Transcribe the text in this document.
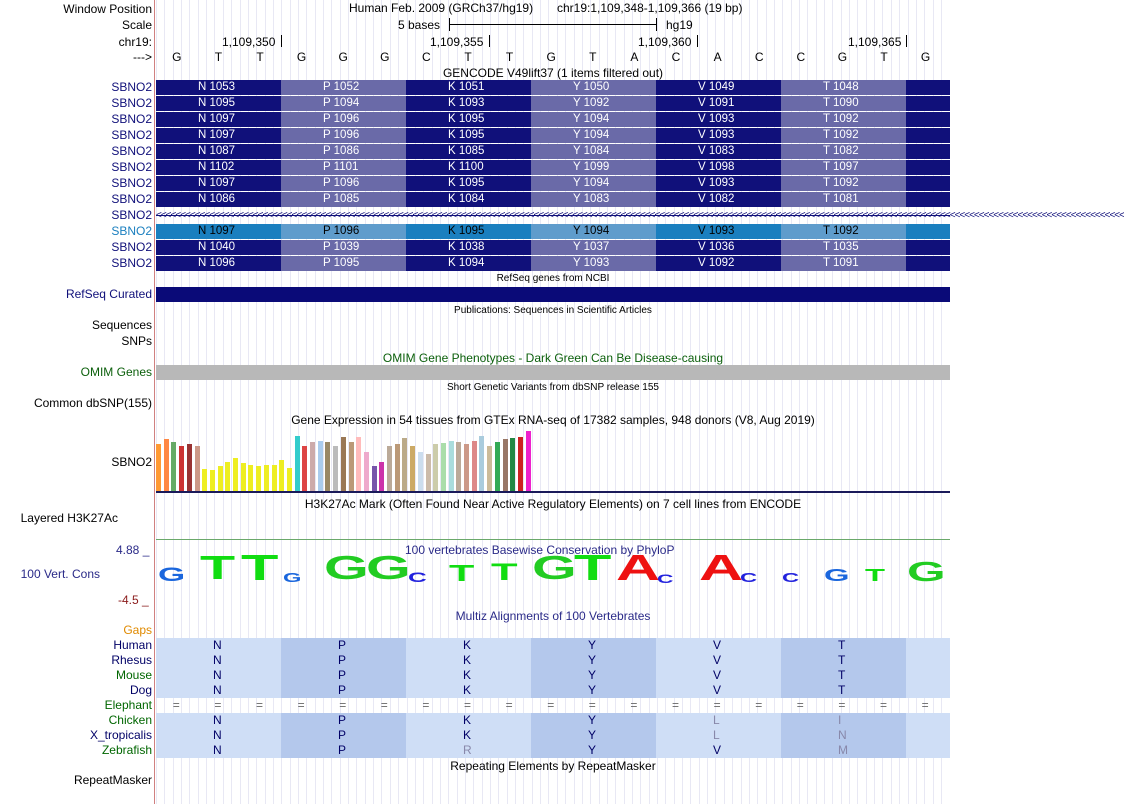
Window Position
Scale
chr19:
--->
Human Feb. 2009 (GRCh37/hg19) chr19:1,109,348-1,109,366 (19 bp)
5 bases	hg19
1,109,350	1,109,355	1,109,360	1,109,365
G	T	T	G	G	G	C	T	T	G	T	A	C	A	C	C	G	T	G
GENCODE V49lift37 (1 items filtered out)
SBNO2	N 1053	P 1052	K 1051	Y 1050	V 1049	T 1048
SBNO2	N 1095	P 1094	K 1093	Y 1092	V 1091	T 1090
SBNO2	N 1097	P 1096	K 1095	Y 1094	V 1093	T 1092
SBNO2	N 1097	P 1096	K 1095	Y 1094	V 1093	T 1092
SBNO2	N 1087	P 1086	K 1085	Y 1084	V 1083	T 1082
SBNO2	N 1102	P 1101	K 1100	Y 1099	V 1098	T 1097
SBNO2	N 1097	P 1096	K 1095	Y 1094	V 1093	T 1092
SBNO2	N 1086	P 1085	K 1084	Y 1083	V 1082	T 1081
SBNO2 <<<<<<<<<<<<<<<<<<<<<<<<<<<<<<<<<<<<<<<<<<<<<<<<<<<<<<<<<<<<<<<<<<<<<<<<<<<<<<<<<<<<<<<<<<<<<<<<<<<<<<<<<<<<<<<<<<<<<<<<<<<<<<<<<<<<<<<<<<<<<<<<<<<<<<<<<<<<<<<<<<<<<<<<<<<<<<<<<<<<<<<<<<<<<<<<<<<<<<<<
SBNO2	N 1097	P 1096	K 1095	Y 1094	V 1093	T 1092
SBNO2	N 1040	P 1039	K 1038	Y 1037	V 1036	T 1035
SBNO2	N 1096	P 1095	K 1094	Y 1093	V 1092	T 1091
RefSeq genes from NCBI
RefSeq Curated
Publications: Sequences in Scientific Articles
Sequences
SNPs
OMIM Gene Phenotypes - Dark Green Can Be Disease-causing
OMIM Genes
Short Genetic Variants from dbSNP release 155
Common dbSNP(155)
Gene Expression in 54 tissues from GTEx RNA-seq of 17382 samples, 948 donors (V8, Aug 2019)
SBNO2
H3K27Ac Mark (Often Found Near Active Regulatory Elements) on 7 cell lines from ENCODE
Layered H3K27Ac
100 vertebrates Basewise Conservation by PhyloP
4.88 _
-4.5 _
100 Vert. Cons	G T T G G
G
C T T G
T A
C A
C C G T G
Multiz Alignments of 100 Vertebrates
Gaps
Human	N	P	K	Y	V	T
Rhesus	N	P	K	Y	V	T
Mouse	N	P	K	Y	V	T
Dog	N	P	K	Y	V	T
Elephant =	=	=	=	=	=	=	=	=	=	=	=	=	=	=	=	=	=	=
Chicken	N	P	K	Y	L	I
X_tropicalis	N	P	K	Y	L	N
Zebrafish	N	P	R	Y	V	M
Repeating Elements by RepeatMasker
RepeatMasker
